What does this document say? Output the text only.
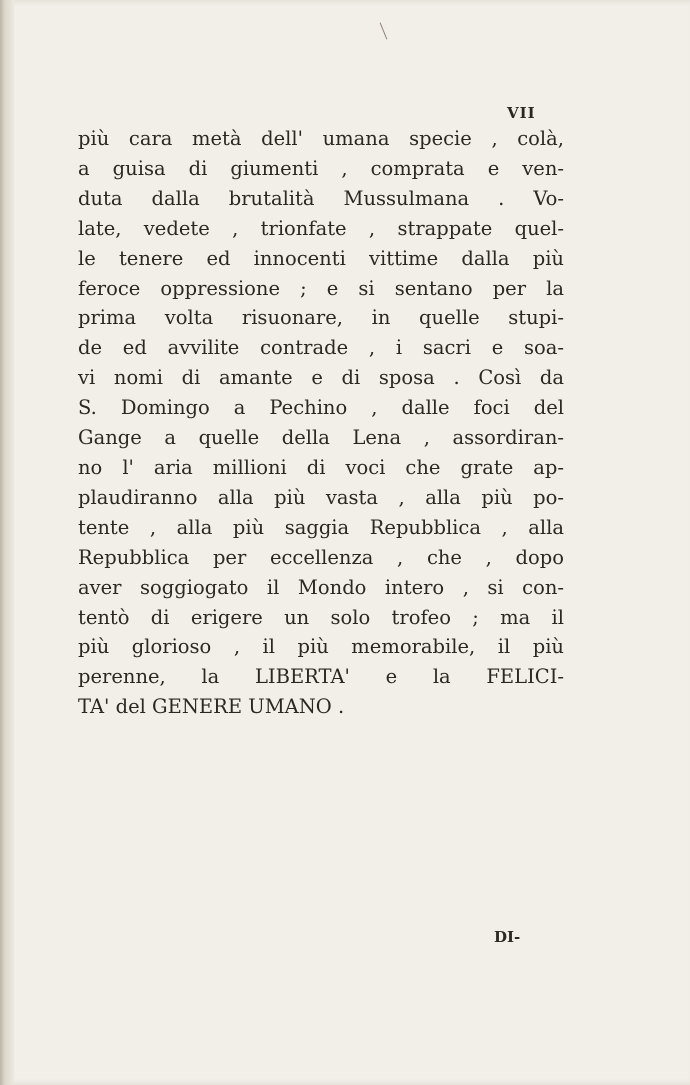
VII
più cara metà dell' umana specie , colà,
a guisa di giumenti , comprata e ven-
duta dalla brutalità Mussulmana . Vo-
late, vedete , trionfate , strappate quel-
le tenere ed innocenti vittime dalla più
feroce oppressione ; e si sentano per la
prima volta risuonare, in quelle stupi-
de ed avvilite contrade , i sacri e soa-
vi nomi di amante e di sposa . Così da
S. Domingo a Pechino , dalle foci del
Gange a quelle della Lena , assordiran-
no l' aria millioni di voci che grate ap-
plaudiranno alla più vasta , alla più po-
tente , alla più saggia Repubblica , alla
Repubblica per eccellenza , che , dopo
aver soggiogato il Mondo intero , si con-
tentò di erigere un solo trofeo ; ma il
più glorioso , il più memorabile, il più
perenne, la LIBERTA' e la FELICI-
TA' del GENERE UMANO .
DI-
